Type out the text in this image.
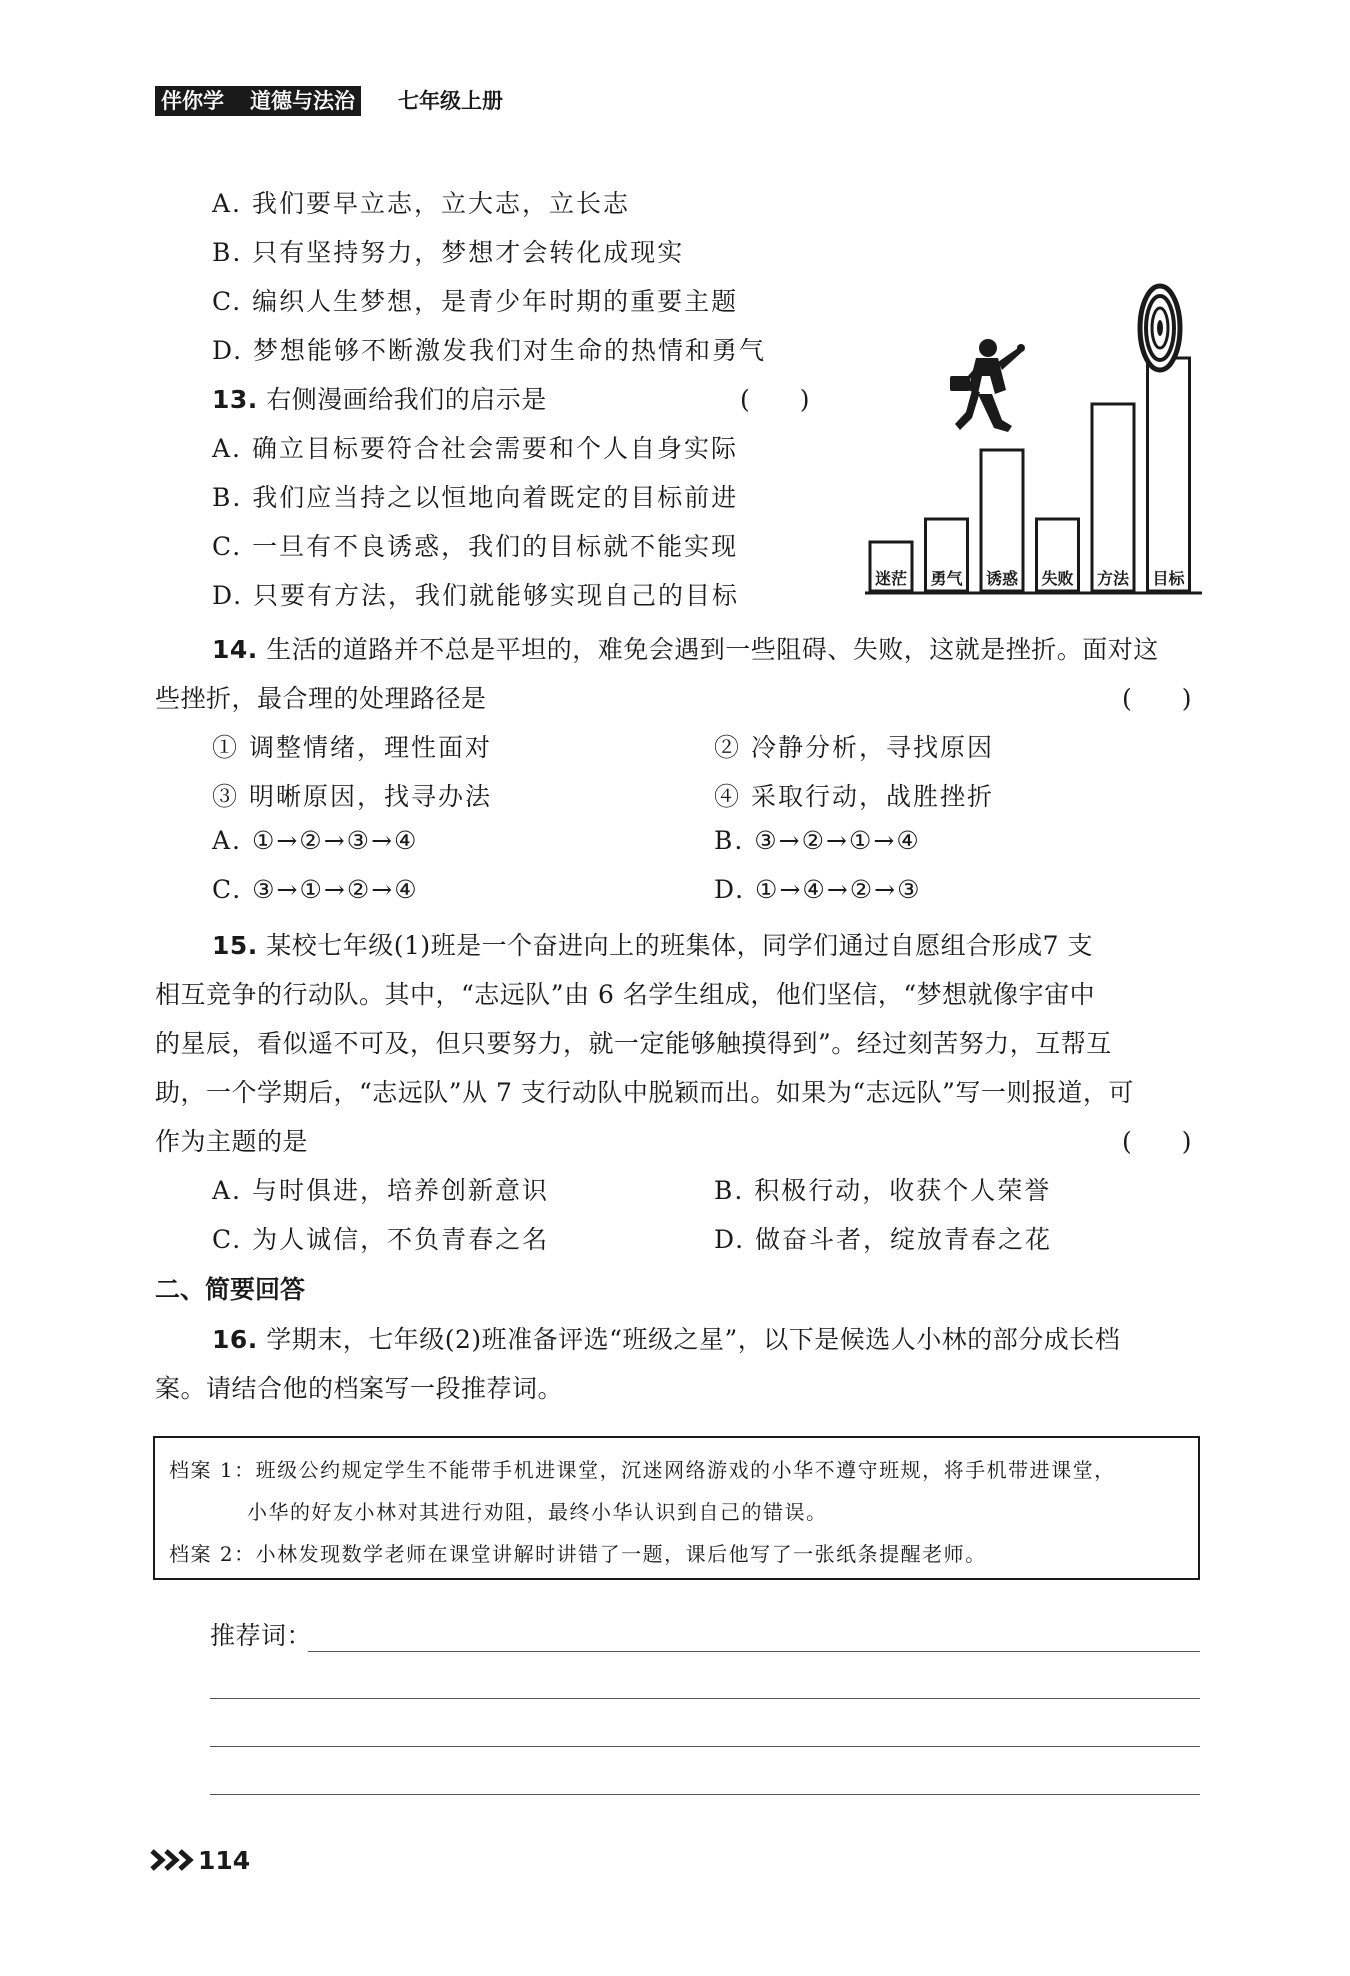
伴你学 道德与法治 七年级上册
A. 我们要早立志，立大志，立长志
B. 只有坚持努力，梦想才会转化成现实
C. 编织人生梦想，是青少年时期的重要主题
D. 梦想能够不断激发我们对生命的热情和勇气
13. 右侧漫画给我们的启示是	(　　)
A. 确立目标要符合社会需要和个人自身实际
B. 我们应当持之以恒地向着既定的目标前进
C. 一旦有不良诱惑，我们的目标就不能实现
D. 只要有方法，我们就能够实现自己的目标
迷茫 勇气 诱惑 失败 方法 目标
14. 生活的道路并不总是平坦的，难免会遇到一些阻碍、失败，这就是挫折。面对这
些挫折，最合理的处理路径是	(　　)
① 调整情绪，理性面对	② 冷静分析，寻找原因
③ 明晰原因，找寻办法	④ 采取行动，战胜挫折
A. ①→②→③→④	B. ③→②→①→④
C. ③→①→②→④	D. ①→④→②→③
15. 某校七年级(1)班是一个奋进向上的班集体，同学们通过自愿组合形成7 支
相互竞争的行动队。其中，“志远队”由 6 名学生组成，他们坚信，“梦想就像宇宙中
的星辰，看似遥不可及，但只要努力，就一定能够触摸得到”。经过刻苦努力，互帮互
助，一个学期后，“志远队”从 7 支行动队中脱颖而出。如果为“志远队”写一则报道，可
作为主题的是	(　　)
A. 与时俱进，培养创新意识	B. 积极行动，收获个人荣誉
C. 为人诚信，不负青春之名	D. 做奋斗者，绽放青春之花
二、简要回答
16. 学期末，七年级(2)班准备评选“班级之星”，以下是候选人小林的部分成长档
案。请结合他的档案写一段推荐词。
档案 1：班级公约规定学生不能带手机进课堂，沉迷网络游戏的小华不遵守班规，将手机带进课堂，
小华的好友小林对其进行劝阻，最终小华认识到自己的错误。
档案 2：小林发现数学老师在课堂讲解时讲错了一题，课后他写了一张纸条提醒老师。
推荐词：
114
